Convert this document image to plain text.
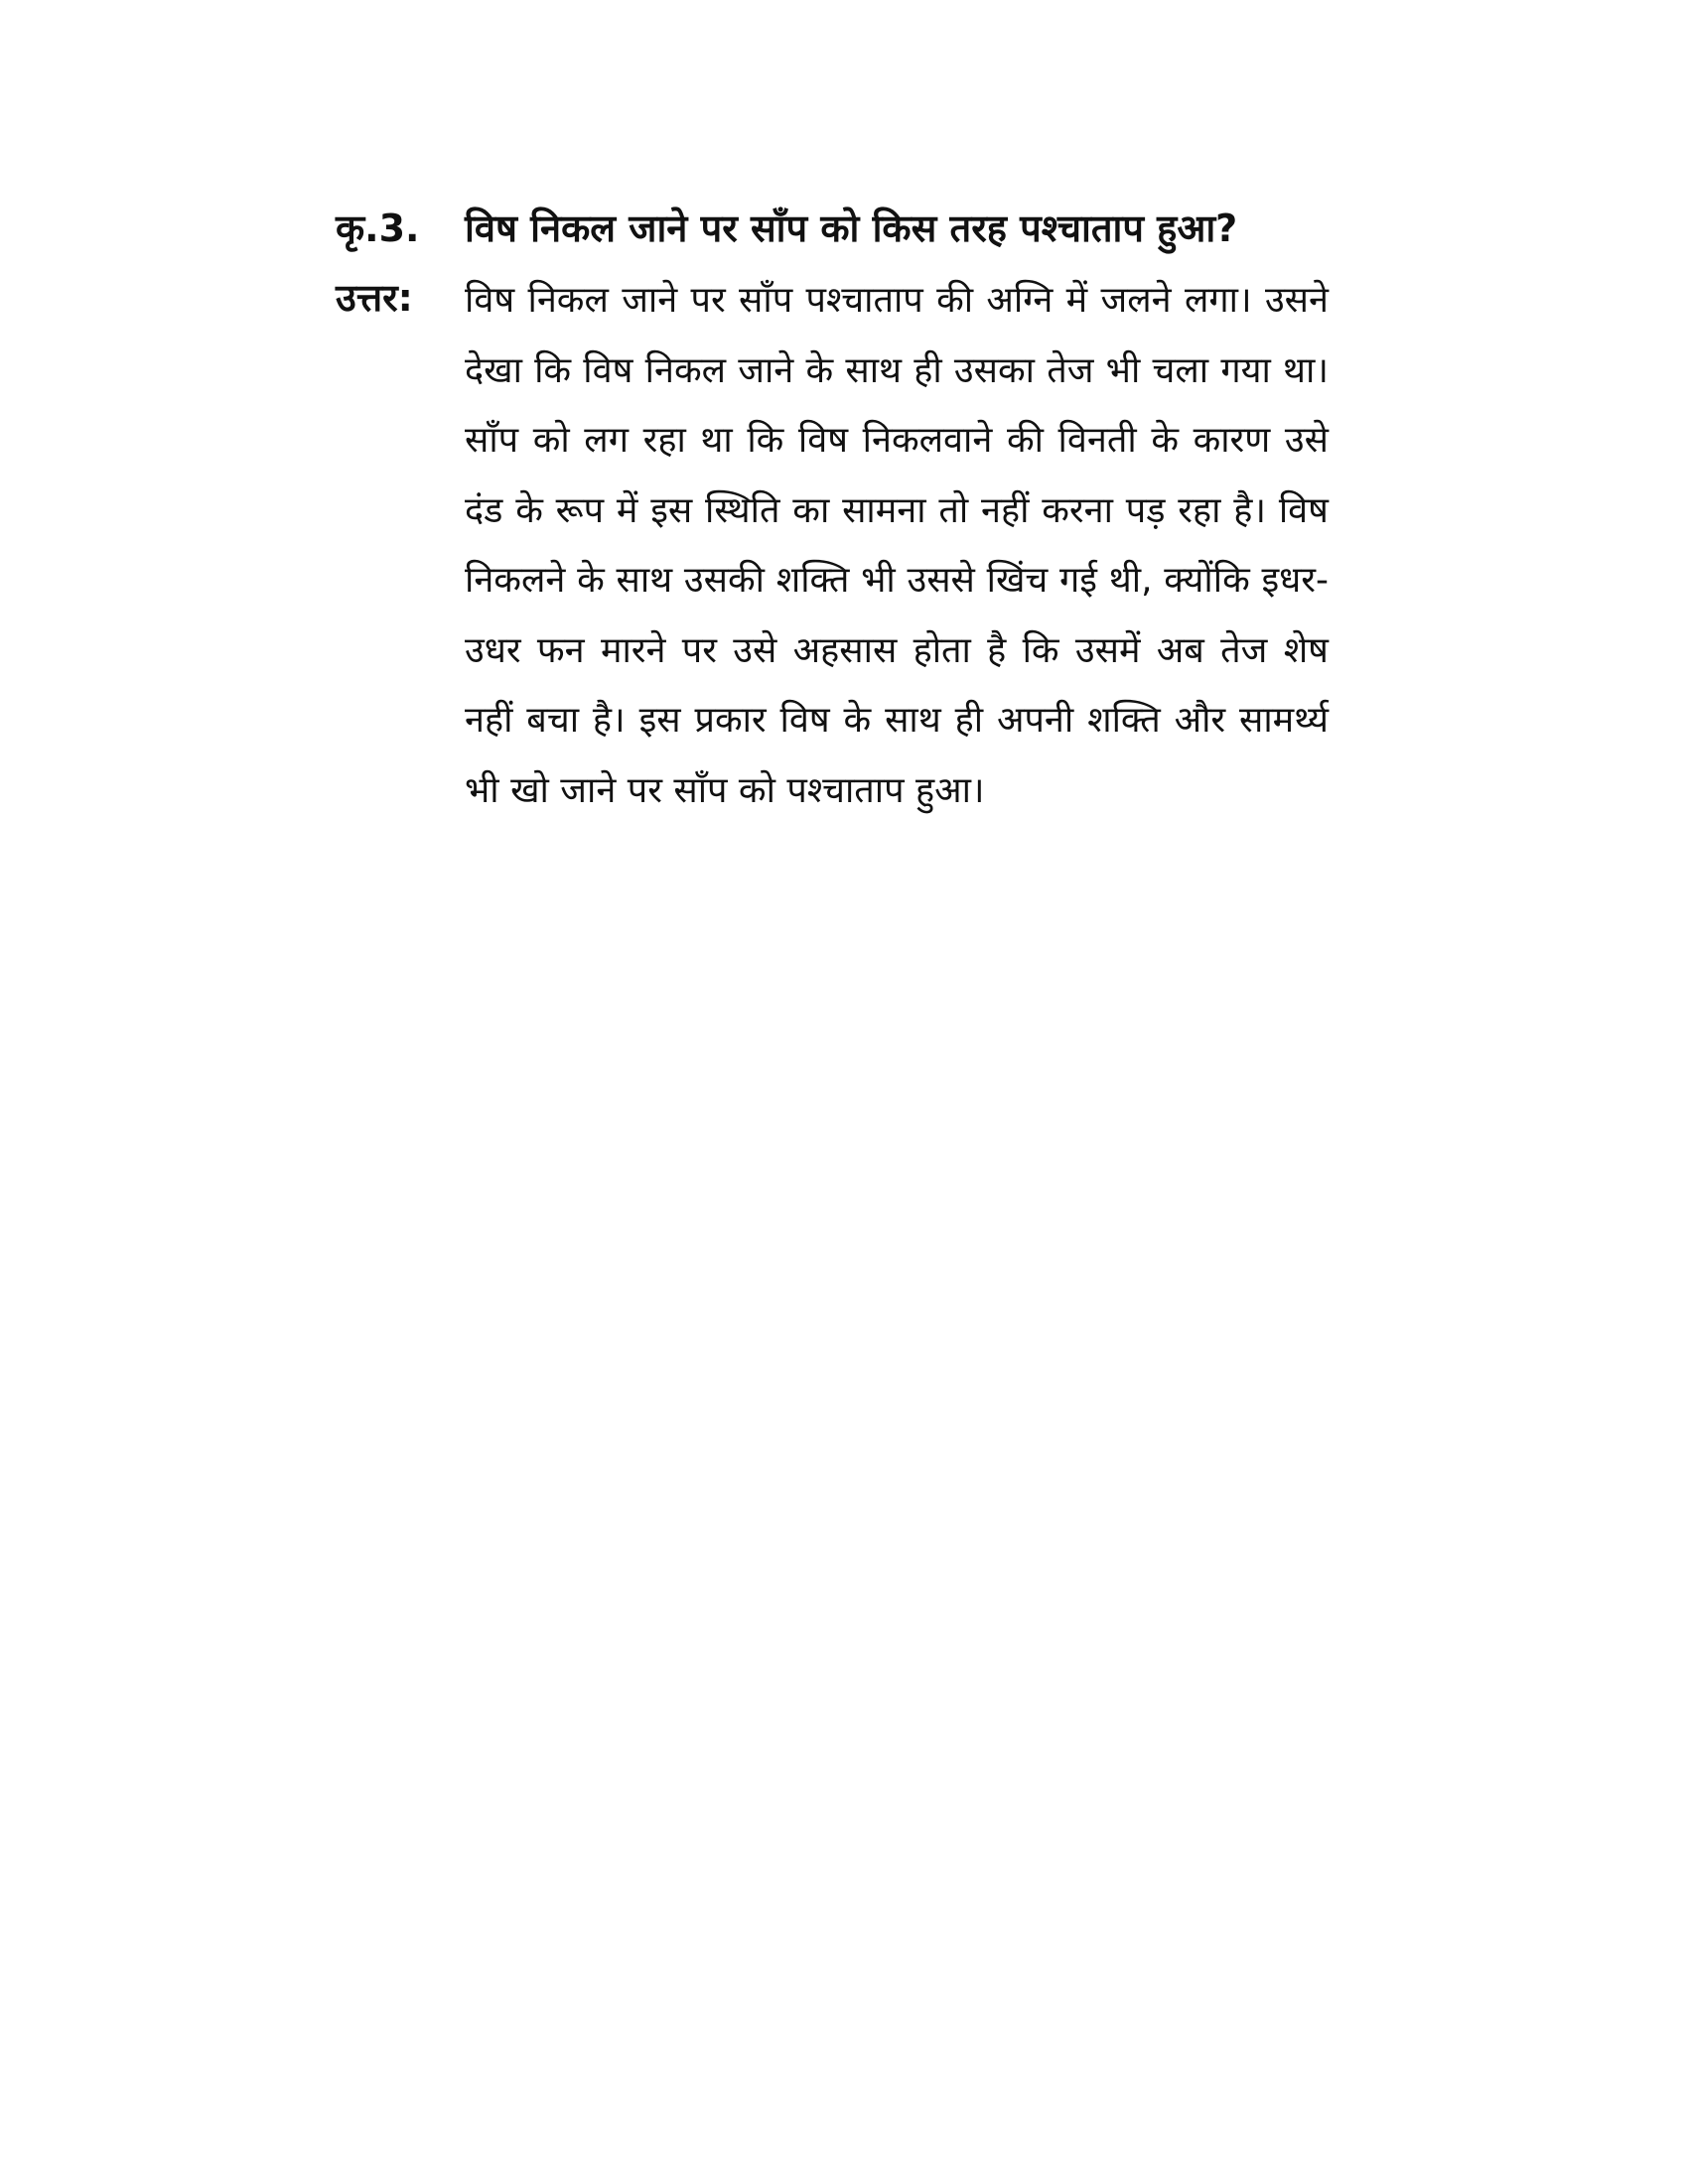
कृ.3.	विष निकल जाने पर साँप को किस तरह पश्चाताप हुआ?
उत्तर:	विष निकल जाने पर साँप पश्चाताप की अग्नि में जलने लगा। उसने देखा कि विष निकल जाने के साथ ही उसका तेज भी चला गया था। साँप को लग रहा था कि विष निकलवाने की विनती के कारण उसे दंड के रूप में इस स्थिति का सामना तो नहीं करना पड़ रहा है। विष निकलने के साथ उसकी शक्ति भी उससे खिंच गई थी, क्योंकि इधर-उधर फन मारने पर उसे अहसास होता है कि उसमें अब तेज शेष नहीं बचा है। इस प्रकार विष के साथ ही अपनी शक्ति और सामर्थ्य भी खो जाने पर साँप को पश्चाताप हुआ।
